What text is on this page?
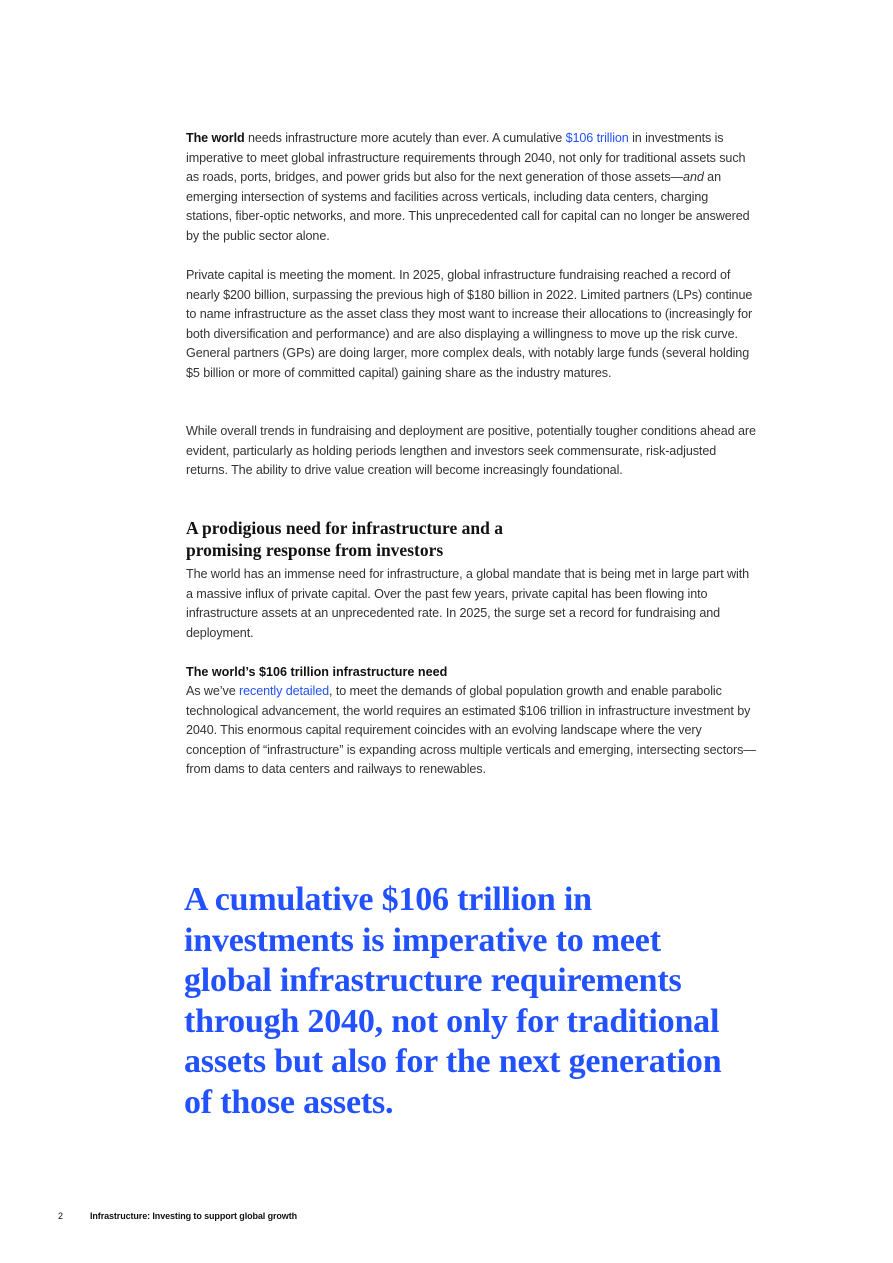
The world needs infrastructure more acutely than ever. A cumulative $106 trillion in investments is imperative to meet global infrastructure requirements through 2040, not only for traditional assets such as roads, ports, bridges, and power grids but also for the next generation of those assets—and an emerging intersection of systems and facilities across verticals, including data centers, charging stations, fiber-optic networks, and more. This unprecedented call for capital can no longer be answered by the public sector alone.

Private capital is meeting the moment. In 2025, global infrastructure fundraising reached a record of nearly $200 billion, surpassing the previous high of $180 billion in 2022. Limited partners (LPs) continue to name infrastructure as the asset class they most want to increase their allocations to (increasingly for both diversification and performance) and are also displaying a willingness to move up the risk curve. General partners (GPs) are doing larger, more complex deals, with notably large funds (several holding $5 billion or more of committed capital) gaining share as the industry matures.

While overall trends in fundraising and deployment are positive, potentially tougher conditions ahead are evident, particularly as holding periods lengthen and investors seek commensurate, risk-adjusted returns. The ability to drive value creation will become increasingly foundational.

A prodigious need for infrastructure and a
promising response from investors

The world has an immense need for infrastructure, a global mandate that is being met in large part with a massive influx of private capital. Over the past few years, private capital has been flowing into infrastructure assets at an unprecedented rate. In 2025, the surge set a record for fundraising and deployment.

The world’s $106 trillion infrastructure need

As we’ve recently detailed, to meet the demands of global population growth and enable parabolic technological advancement, the world requires an estimated $106 trillion in infrastructure investment by 2040. This enormous capital requirement coincides with an evolving landscape where the very conception of “infrastructure” is expanding across multiple verticals and emerging, intersecting sectors—from dams to data centers and railways to renewables.

A cumulative $106 trillion in investments is imperative to meet global infrastructure requirements through 2040, not only for traditional assets but also for the next generation of those assets.

2	Infrastructure: Investing to support global growth
